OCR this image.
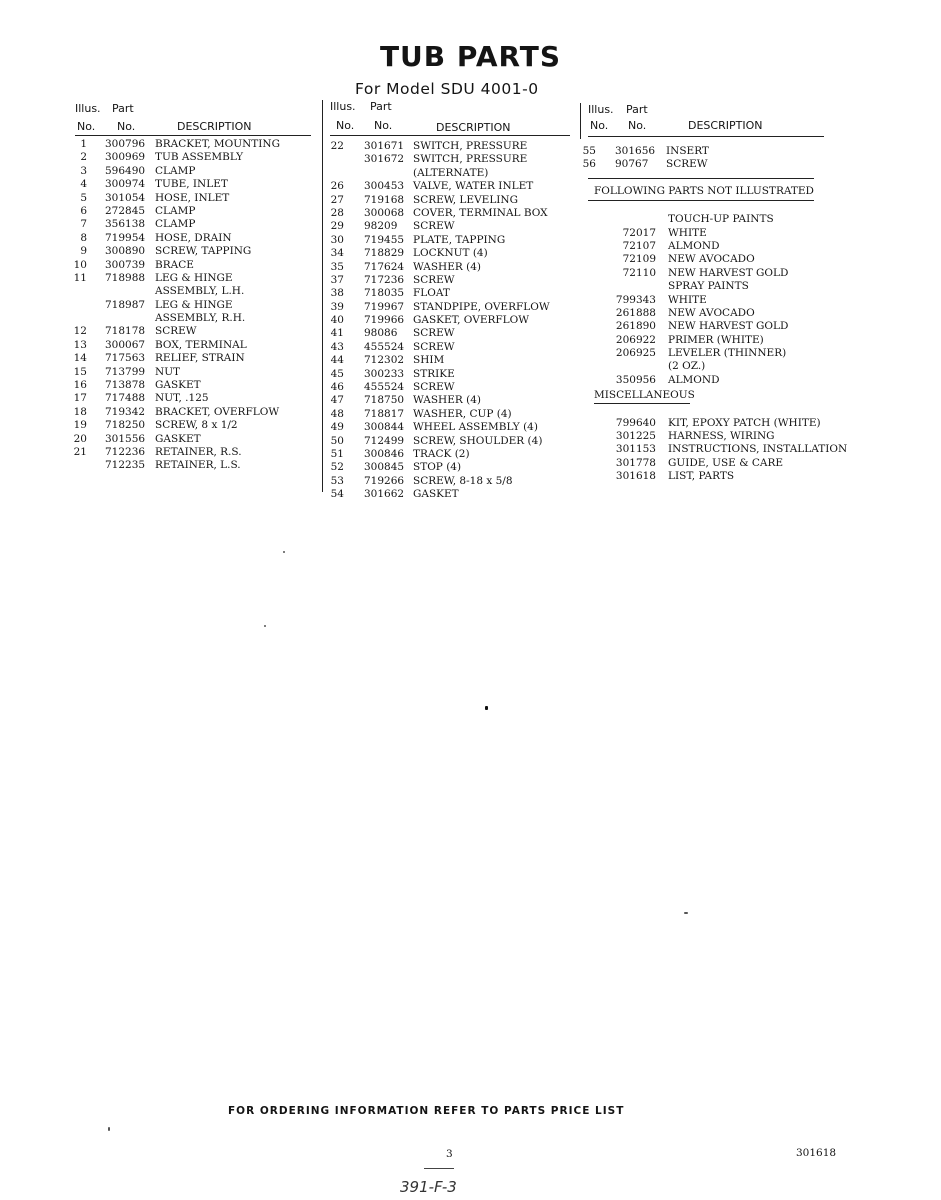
TUB PARTS
For Model SDU 4001-0
Illus. Part
No. No.	DESCRIPTION
1 300796 BRACKET, MOUNTING
2 300969 TUB ASSEMBLY
3 596490 CLAMP
4 300974 TUBE, INLET
5 301054 HOSE, INLET
6 272845 CLAMP
7 356138 CLAMP
8 719954 HOSE, DRAIN
9 300890 SCREW, TAPPING
10 300739 BRACE
11 718988 LEG & HINGE
ASSEMBLY, L.H.
718987 LEG & HINGE
ASSEMBLY, R.H.
12 718178 SCREW
13 300067 BOX, TERMINAL
14 717563 RELIEF, STRAIN
15 713799 NUT
16 713878 GASKET
17 717488 NUT, .125
18 719342 BRACKET, OVERFLOW
19 718250 SCREW, 8 x 1/2
20 301556 GASKET
21 712236 RETAINER, R.S.
712235 RETAINER, L.S.
Illus. Part
No. No.	DESCRIPTION
22 301671 SWITCH, PRESSURE
301672 SWITCH, PRESSURE
(ALTERNATE)
26 300453 VALVE, WATER INLET
27 719168 SCREW, LEVELING
28 300068 COVER, TERMINAL BOX
29 98209 SCREW
30 719455 PLATE, TAPPING
34 718829 LOCKNUT (4)
35 717624 WASHER (4)
37 717236 SCREW
38 718035 FLOAT
39 719967 STANDPIPE, OVERFLOW
40 719966 GASKET, OVERFLOW
41 98086 SCREW
43 455524 SCREW
44 712302 SHIM
45 300233 STRIKE
46 455524 SCREW
47 718750 WASHER (4)
48 718817 WASHER, CUP (4)
49 300844 WHEEL ASSEMBLY (4)
50 712499 SCREW, SHOULDER (4)
51 300846 TRACK (2)
52 300845 STOP (4)
53 719266 SCREW, 8-18 x 5/8
54 301662 GASKET
Illus. Part
No. No.	DESCRIPTION
55 301656 INSERT
56 90767 SCREW
FOLLOWING PARTS NOT ILLUSTRATED
TOUCH-UP PAINTS
72017 WHITE
72107 ALMOND
72109 NEW AVOCADO
72110 NEW HARVEST GOLD
SPRAY PAINTS
799343 WHITE
261888 NEW AVOCADO
261890 NEW HARVEST GOLD
206922 PRIMER (WHITE)
206925 LEVELER (THINNER)
(2 OZ.)
350956 ALMOND
MISCELLANEOUS
799640 KIT, EPOXY PATCH (WHITE)
301225 HARNESS, WIRING
301153 INSTRUCTIONS, INSTALLATION
301778 GUIDE, USE & CARE
301618 LIST, PARTS
FOR ORDERING INFORMATION REFER TO PARTS PRICE LIST
3	301618
391-F-3
